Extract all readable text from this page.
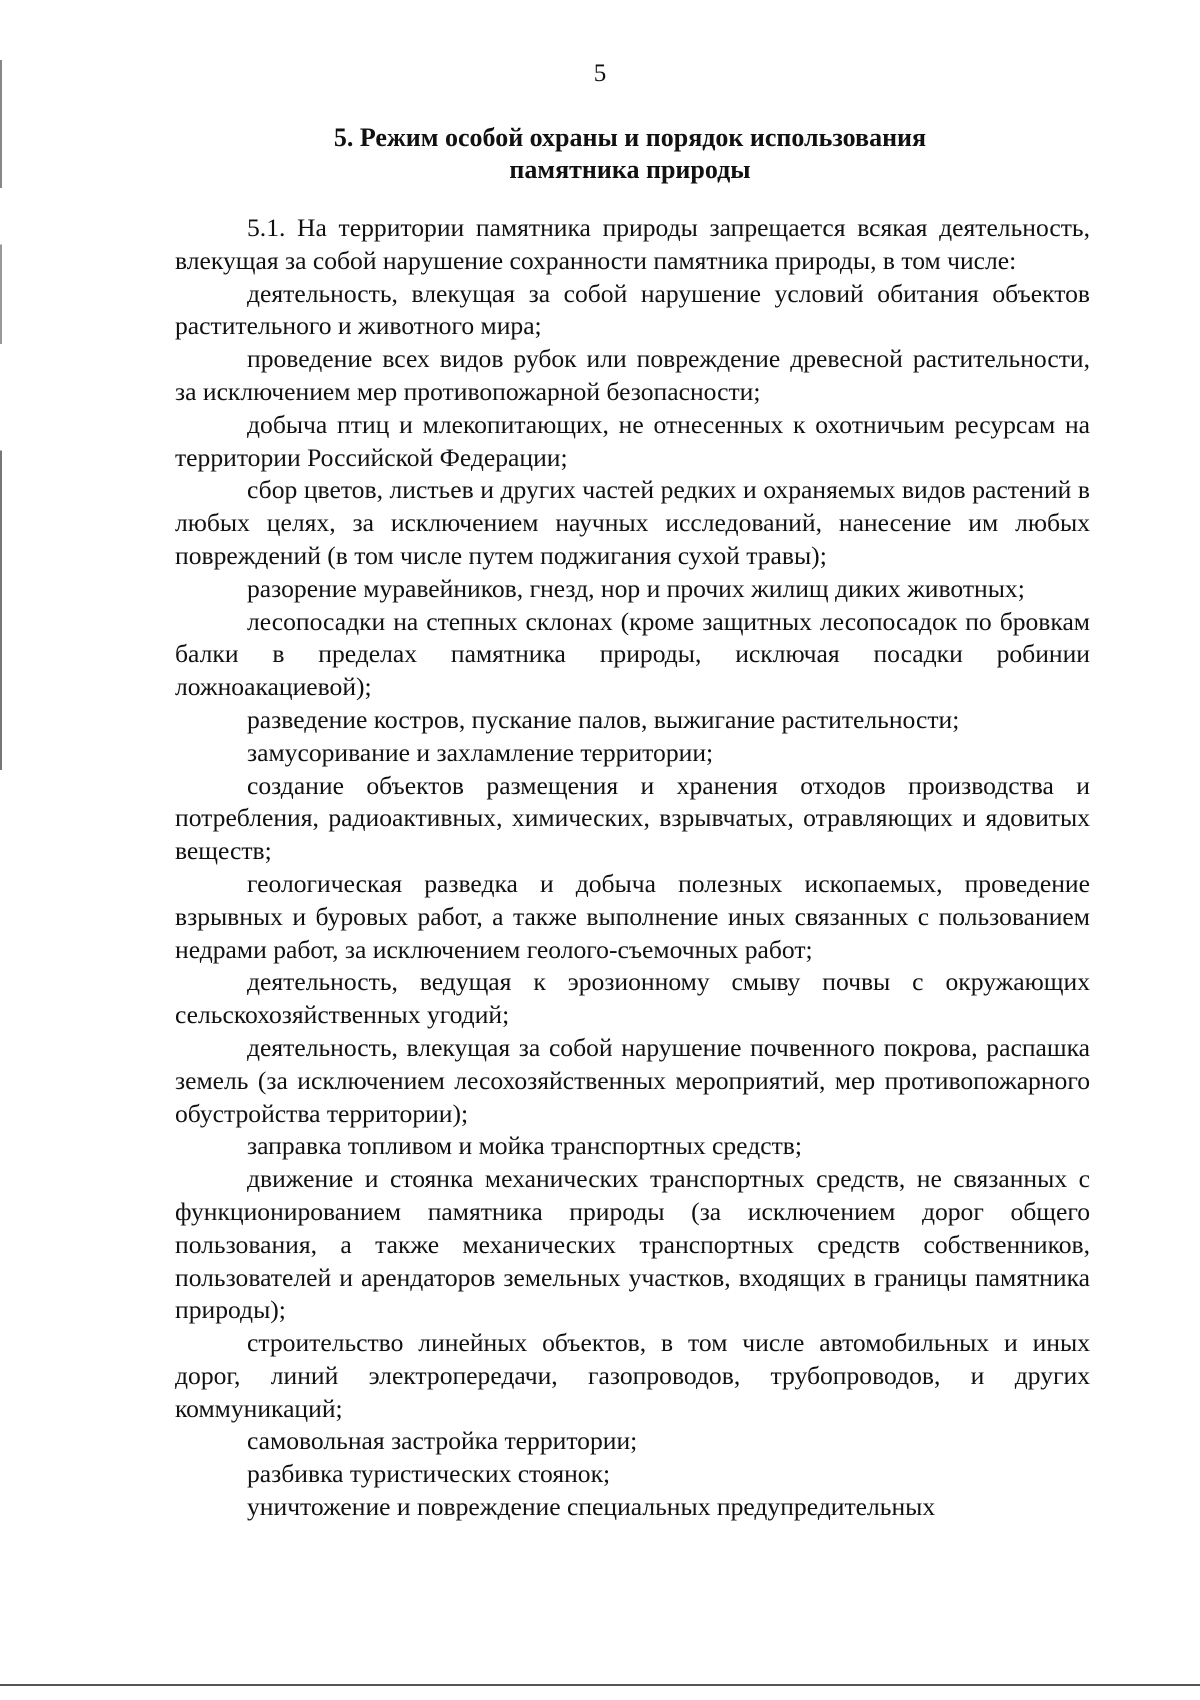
5
5. Режим особой охраны и порядок использования
памятника природы

5.1. На территории памятника природы запрещается всякая деятельность, влекущая за собой нарушение сохранности памятника природы, в том числе:

деятельность, влекущая за собой нарушение условий обитания объектов растительного и животного мира;

проведение всех видов рубок или повреждение древесной растительности, за исключением мер противопожарной безопасности;

добыча птиц и млекопитающих, не отнесенных к охотничьим ресурсам на территории Российской Федерации;

сбор цветов, листьев и других частей редких и охраняемых видов растений в любых целях, за исключением научных исследований, нанесение им любых повреждений (в том числе путем поджигания сухой травы);

разорение муравейников, гнезд, нор и прочих жилищ диких животных;

лесопосадки на степных склонах (кроме защитных лесопосадок по бровкам балки в пределах памятника природы, исключая посадки робинии ложноакациевой);

разведение костров, пускание палов, выжигание растительности;

замусоривание и захламление территории;

создание объектов размещения и хранения отходов производства и потребления, радиоактивных, химических, взрывчатых, отравляющих и ядовитых веществ;

геологическая разведка и добыча полезных ископаемых, проведение взрывных и буровых работ, а также выполнение иных связанных с пользованием недрами работ, за исключением геолого-съемочных работ;

деятельность, ведущая к эрозионному смыву почвы с окружающих сельскохозяйственных угодий;

деятельность, влекущая за собой нарушение почвенного покрова, распашка земель (за исключением лесохозяйственных мероприятий, мер противопожарного обустройства территории);

заправка топливом и мойка транспортных средств;

движение и стоянка механических транспортных средств, не связанных с функционированием памятника природы (за исключением дорог общего пользования, а также механических транспортных средств собственников, пользователей и арендаторов земельных участков, входящих в границы памятника природы);

строительство линейных объектов, в том числе автомобильных и иных дорог, линий электропередачи, газопроводов, трубопроводов, и других коммуникаций;

самовольная застройка территории;

разбивка туристических стоянок;

уничтожение и повреждение специальных предупредительных
